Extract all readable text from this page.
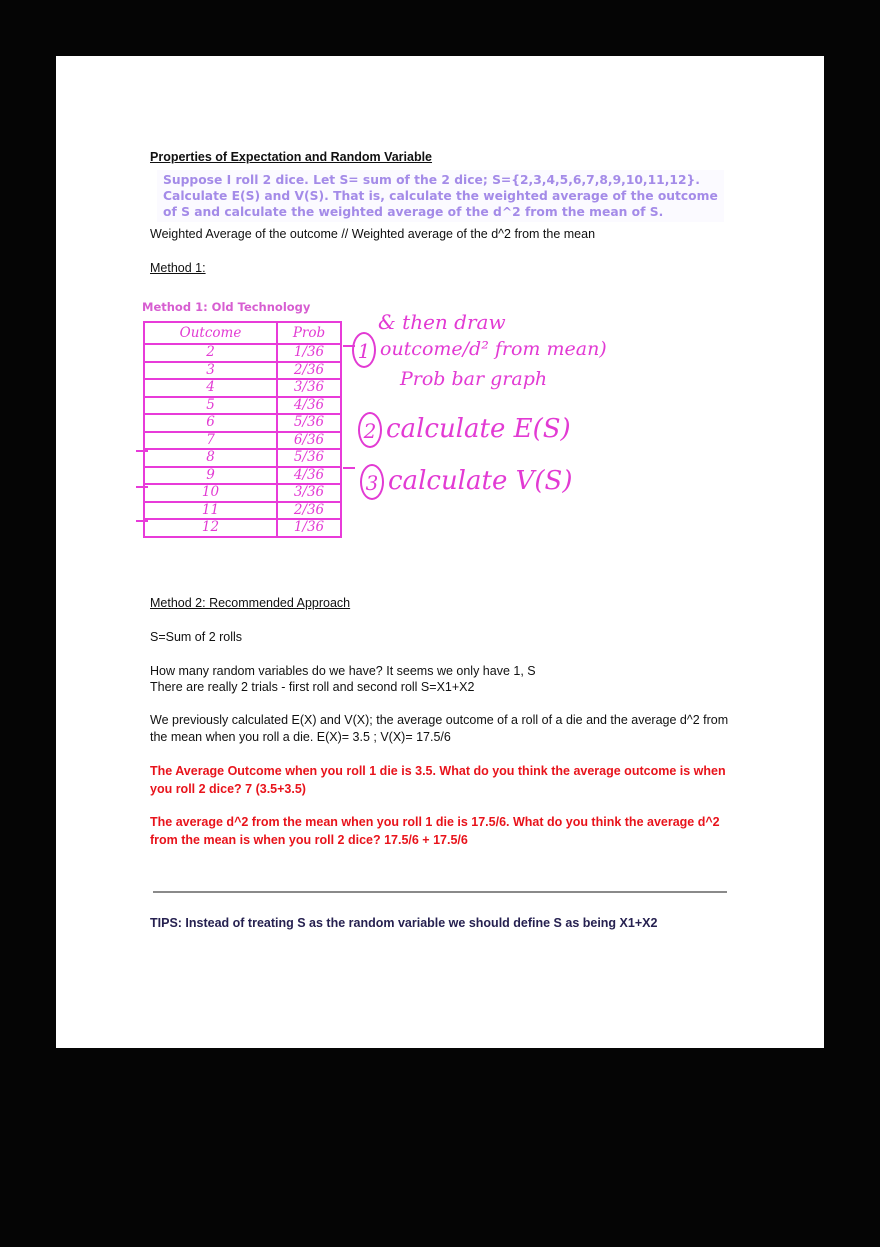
Properties of Expectation and Random Variable
Suppose I roll 2 dice. Let S= sum of the 2 dice; S={2,3,4,5,6,7,8,9,10,11,12}.
Calculate E(S) and V(S). That is, calculate the weighted average of the outcome
of S and calculate the weighted average of the d^2 from the mean of S.
Weighted Average of the outcome // Weighted average of the d^2 from the mean
Method 1:
Method 1: Old Technology
Outcome	Prob
2	1/36
3	2/36
4	3/36
5	4/36
6	5/36
7	6/36
8	5/36
9	4/36
10	3/36
11	2/36
12	1/36
& then draw
1 outcome/d² from mean)
Prob bar graph
2 calculate E(S)
3 calculate V(S)
Method 2: Recommended Approach
S=Sum of 2 rolls
How many random variables do we have? It seems we only have 1, S
There are really 2 trials - first roll and second roll S=X1+X2
We previously calculated E(X) and V(X); the average outcome of a roll of a die and the average d^2 from
the mean when you roll a die. E(X)= 3.5 ; V(X)= 17.5/6
The Average Outcome when you roll 1 die is 3.5. What do you think the average outcome is when you roll 2 dice? 7 (3.5+3.5)
The average d^2 from the mean when you roll 1 die is 17.5/6. What do you think the average d^2 from the mean is when you roll 2 dice? 17.5/6 + 17.5/6
TIPS: Instead of treating S as the random variable we should define S as being X1+X2
